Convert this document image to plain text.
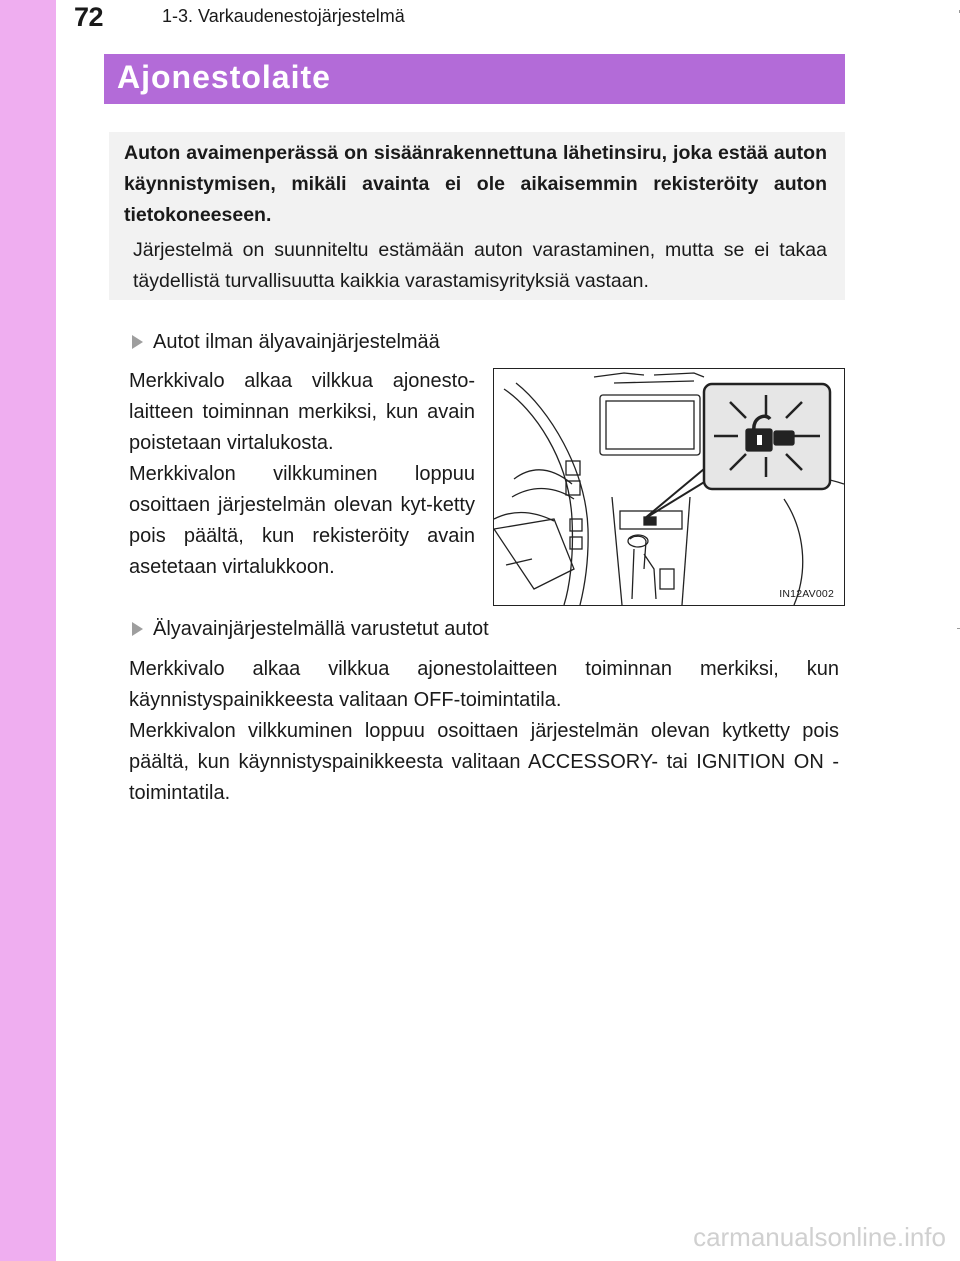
72	1-3. Varkaudenestojärjestelmä
Ajonestolaite

Auton avaimenperässä on sisäänrakennettuna lähetinsiru, joka estää auton käynnistymisen, mikäli avainta ei ole aikaisemmin rekisteröity auton tietokoneeseen.

Järjestelmä on suunniteltu estämään auton varastaminen, mutta se ei takaa täydellistä turvallisuutta kaikkia varastamisyrityksiä vastaan.

Autot ilman älyavainjärjestelmää

Merkkivalo alkaa vilkkua ajonesto-laitteen toiminnan merkiksi, kun avain poistetaan virtalukosta.

Merkkivalon vilkkuminen loppuu osoittaen järjestelmän olevan kyt-ketty pois päältä, kun rekisteröity avain asetetaan virtalukkoon.

IN12AV002
Älyavainjärjestelmällä varustetut autot

Merkkivalo alkaa vilkkua ajonestolaitteen toiminnan merkiksi, kun käynnistyspainikkeesta valitaan OFF-toimintatila.

Merkkivalon vilkkuminen loppuu osoittaen järjestelmän olevan kytketty pois päältä, kun käynnistyspainikkeesta valitaan ACCESSORY- tai IGNITION ON -toimintatila.

carmanualsonline.info
